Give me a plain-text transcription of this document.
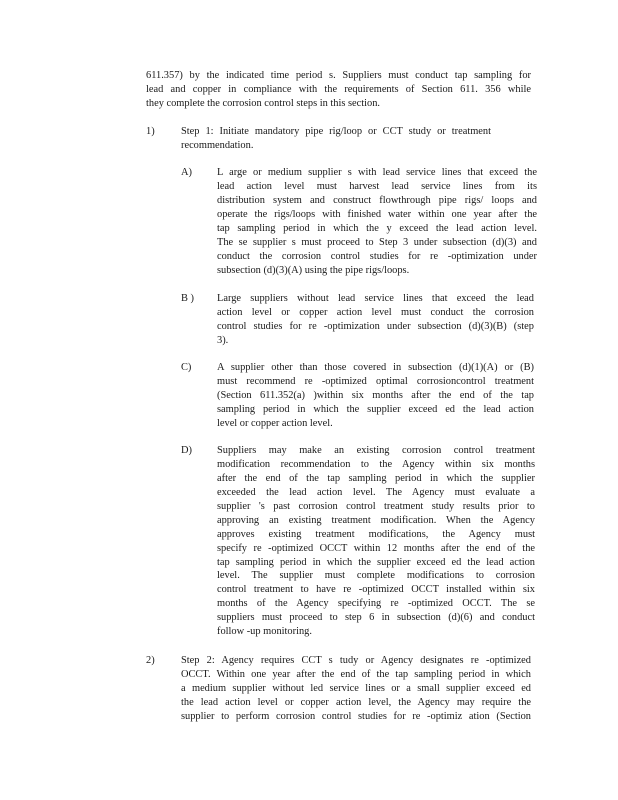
611.357) by the indicated time period s. Suppliers must conduct tap sampling for
lead and copper in compliance with the requirements of Section 611. 356 while
they complete the corrosion control steps in this section.
1)	Step 1: Initiate mandatory pipe rig/loop or CCT study or treatment
recommendation.
A) L arge or medium supplier s with lead service lines that exceed the
lead action level must harvest lead service lines from its
distribution system and construct flowthrough pipe rigs/ loops and
operate the rigs/loops with finished water within one year after the
tap sampling period in which the y exceed the lead action level.
The se supplier s must proceed to Step 3 under subsection (d)(3) and
conduct the corrosion control studies for re -optimization under
subsection (d)(3)(A) using the pipe rigs/loops.
B ) Large suppliers without lead service lines that exceed the lead
action level or copper action level must conduct the corrosion
control studies for re -optimization under subsection (d)(3)(B) (step
3).
C) A supplier other than those covered in subsection (d)(1)(A) or (B)
must recommend re -optimized optimal corrosioncontrol treatment
(Section 611.352(a) )within six months after the end of the tap
sampling period in which the supplier exceed ed the lead action
level or copper action level.
D) Suppliers may make an existing corrosion control treatment
modification recommendation to the Agency within six months
after the end of the tap sampling period in which the supplier
exceeded the lead action level. The Agency must evaluate a
supplier 's past corrosion control treatment study results prior to
approving an existing treatment modification. When the Agency
approves existing treatment modifications, the Agency must
specify re -optimized OCCT within 12 months after the end of the
tap sampling period in which the supplier exceed ed the lead action
level. The supplier must complete modifications to corrosion
control treatment to have re -optimized OCCT installed within six
months of the Agency specifying re -optimized OCCT. The se
suppliers must proceed to step 6 in subsection (d)(6) and conduct
follow -up monitoring.
2)	Step 2: Agency requires CCT s tudy or Agency designates re -optimized
OCCT. Within one year after the end of the tap sampling period in which
a medium supplier without led service lines or a small supplier exceed ed
the lead action level or copper action level, the Agency may require the
supplier to perform corrosion control studies for re -optimiz ation (Section
